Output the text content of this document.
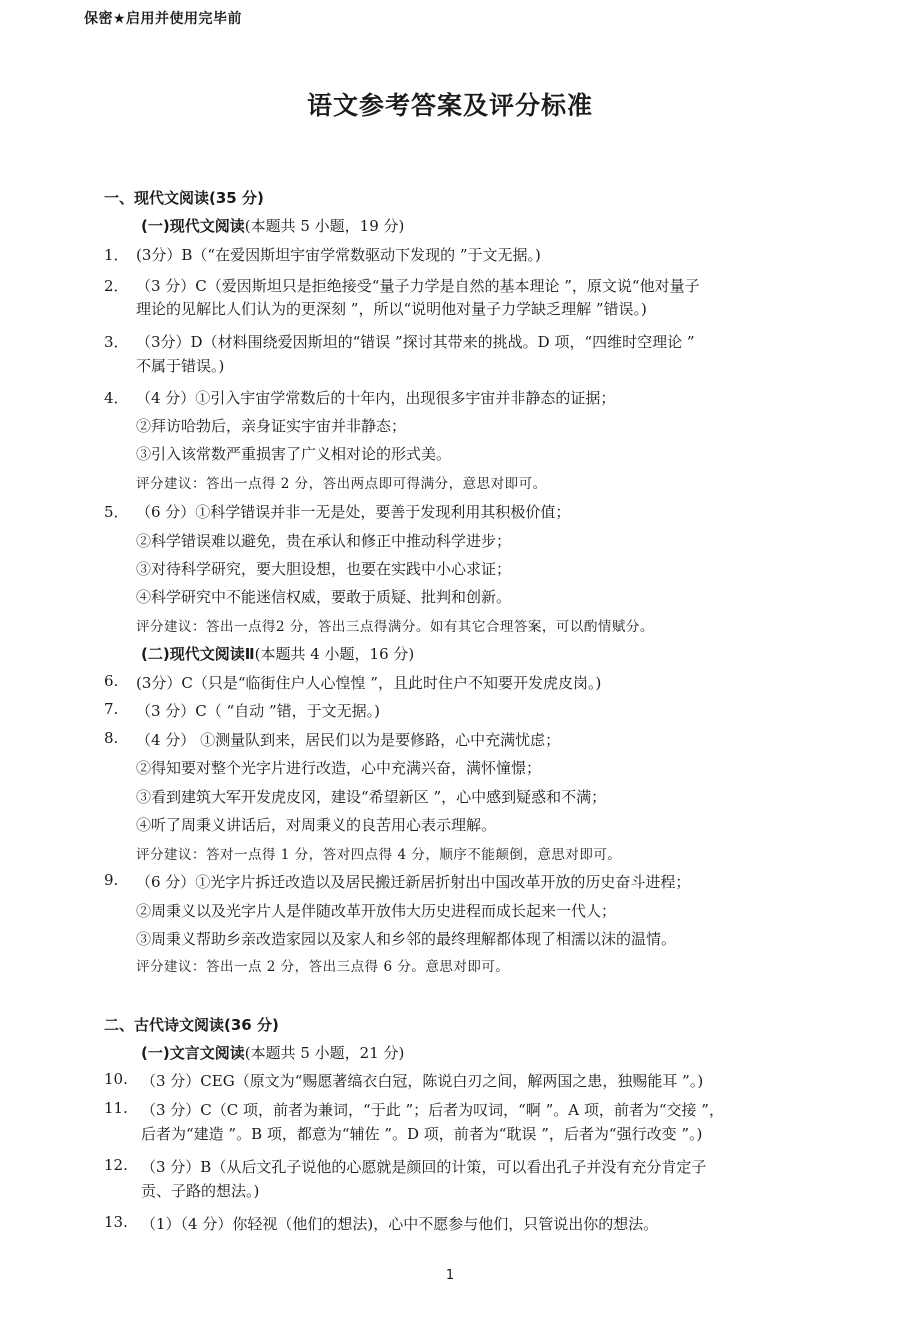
保密★启用并使用完毕前
语文参考答案及评分标准
一、现代文阅读(35 分)
(一)现代文阅读(本题共 5 小题，19 分)
1． (3分）B（“在爱因斯坦宇宙学常数驱动下发现的 ”于文无据。)
2． （3 分）C（爱因斯坦只是拒绝接受“量子力学是自然的基本理论 ”，原文说“他对量子
理论的见解比人们认为的更深刻 ”，所以“说明他对量子力学缺乏理解 ”错误。)
3． （3分）D（材料围绕爱因斯坦的“错误 ”探讨其带来的挑战。D 项，“四维时空理论 ”
不属于错误。)
4． （4 分）①引入宇宙学常数后的十年内，出现很多宇宙并非静态的证据；
②拜访哈勃后，亲身证实宇宙并非静态；
③引入该常数严重损害了广义相对论的形式美。
评分建议：答出一点得 2 分，答出两点即可得满分，意思对即可。
5． （6 分）①科学错误并非一无是处，要善于发现利用其积极价值；
②科学错误难以避免，贵在承认和修正中推动科学进步；
③对待科学研究，要大胆设想，也要在实践中小心求证；
④科学研究中不能迷信权威，要敢于质疑、批判和创新。
评分建议：答出一点得2 分，答出三点得满分。如有其它合理答案，可以酌情赋分。
(二)现代文阅读Ⅱ(本题共 4 小题，16 分)
6. (3分）C（只是“临街住户人心惶惶 ”，且此时住户不知要开发虎皮岗。)
7. （3 分）C（ “自动 ”错，于文无据。)
8. （4 分） ①测量队到来，居民们以为是要修路，心中充满忧虑；
②得知要对整个光字片进行改造，心中充满兴奋，满怀憧憬；
③看到建筑大军开发虎皮冈，建设“希望新区 ”，心中感到疑惑和不满；
④听了周秉义讲话后，对周秉义的良苦用心表示理解。
评分建议：答对一点得 1 分，答对四点得 4 分，顺序不能颠倒，意思对即可。
9. （6 分）①光字片拆迁改造以及居民搬迁新居折射出中国改革开放的历史奋斗进程；
②周秉义以及光字片人是伴随改革开放伟大历史进程而成长起来一代人；
③周秉义帮助乡亲改造家园以及家人和乡邻的最终理解都体现了相濡以沫的温情。
评分建议：答出一点 2 分，答出三点得 6 分。意思对即可。
二、古代诗文阅读(36 分)
(一)文言文阅读(本题共 5 小题，21 分)
10. （3 分）CEG（原文为“赐愿著缟衣白冠，陈说白刃之间，解两国之患，独赐能耳 ”。)
11. （3 分）C（C 项，前者为兼词，“于此 ”；后者为叹词，“啊 ”。A 项，前者为“交接 ”，
后者为“建造 ”。B 项，都意为“辅佐 ”。D 项，前者为“耽误 ”，后者为“强行改变 ”。)
12. （3 分）B（从后文孔子说他的心愿就是颜回的计策，可以看出孔子并没有充分肯定子
贡、子路的想法。)
13. （1）（4 分）你轻视（他们的想法)，心中不愿参与他们，只管说出你的想法。
1
